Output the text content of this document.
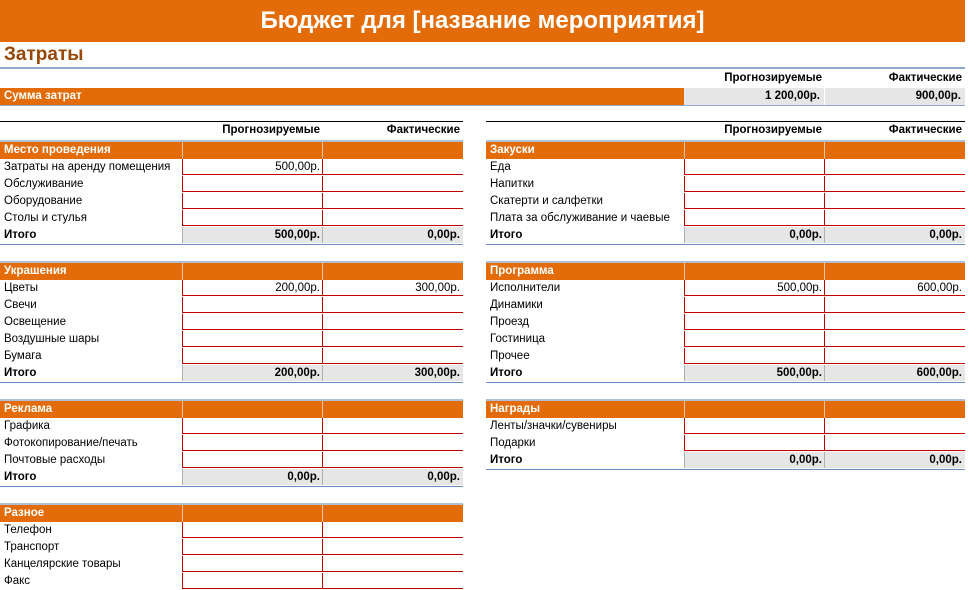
Бюджет для [название мероприятия]
Затраты
Прогнозируемые	Фактические
Сумма затрат	1 200,00р.	900,00р.
Прогнозируемые	Фактические
Место проведения
Затраты на аренду помещения	500,00р.
Обслуживание
Оборудование
Столы и стулья
Итого	500,00р.	0,00р.
Украшения
Цветы	200,00р.	300,00р.
Свечи
Освещение
Воздушные шары
Бумага
Итого	200,00р.	300,00р.
Реклама
Графика
Фотокопирование/печать
Почтовые расходы
Итого	0,00р.	0,00р.
Разное
Телефон
Транспорт
Канцелярские товары
Факс
Прогнозируемые	Фактические
Закуски
Еда
Напитки
Скатерти и салфетки
Плата за обслуживание и чаевые
Итого	0,00р.	0,00р.
Программа
Исполнители	500,00р.	600,00р.
Динамики
Проезд
Гостиница
Прочее
Итого	500,00р.	600,00р.
Награды
Ленты/значки/сувениры
Подарки
Итого	0,00р.	0,00р.
